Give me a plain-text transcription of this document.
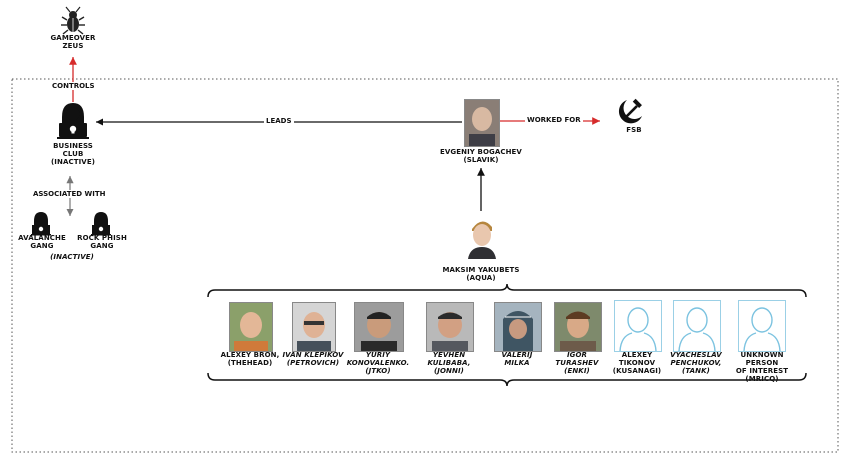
GAMEOVER
ZEUS
BUSINESS
CLUB
(INACTIVE)
AVALANCHE
GANG
ROCK PHISH
GANG
(INACTIVE)
EVGENIY BOGACHEV
(SLAVIK)
FSB
MAKSIM YAKUBETS
(AQUA)
CONTROLS
LEADS	WORKED FOR
ASSOCIATED WITH
ALEXEY BRON,
(THEHEAD)
IVAN KLEPIKOV
(PETROVICH)
YURIY
KONOVALENKO.
(JTKO)
YEVHEN
KULIBABA,
(JONNI)
VALERIJ
MILKA
IGOR
TURASHEV
(ENKI)
ALEXEY
TIKONOV
(KUSANAGI)
VYACHESLAV
PENCHUKOV,
(TANK)
UNKNOWN PERSON
OF INTEREST
(MRICQ)
